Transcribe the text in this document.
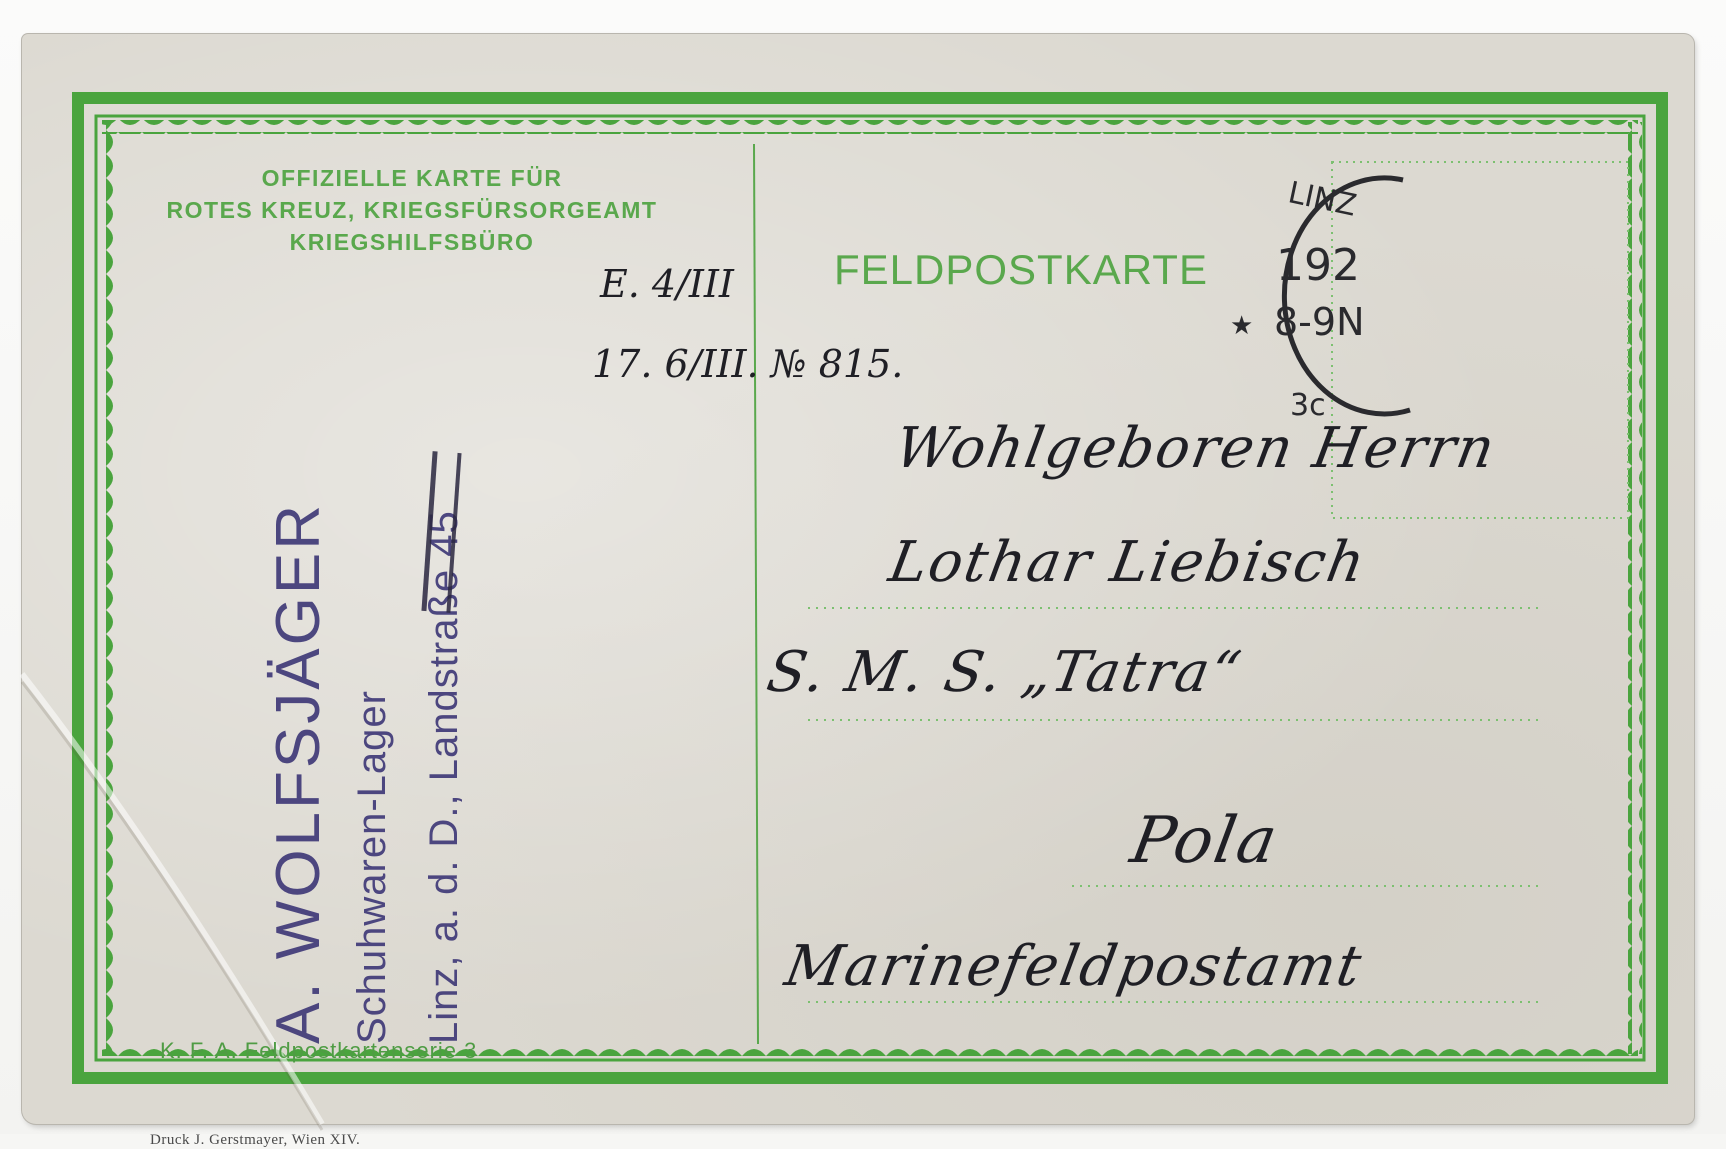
OFFIZIELLE KARTE FÜR
ROTES KREUZ, KRIEGSFÜRSORGEAMT
KRIEGSHILFSBÜRO
FELDPOSTKARTE
K. F. A. Feldpostkartenserie 3
Druck J. Gerstmayer, Wien XIV.
A. WOLFSJÄGER Schuhwaren-Lager Linz, a. d. D., Landstraße 45
E. 4/III
17. 6/III. № 815.
★
LINZ
192
8-9N
3c
Wohlgeboren Herrn
Lothar Liebisch
S. M. S. „Tatra“
Pola
Marinefeldpostamt
